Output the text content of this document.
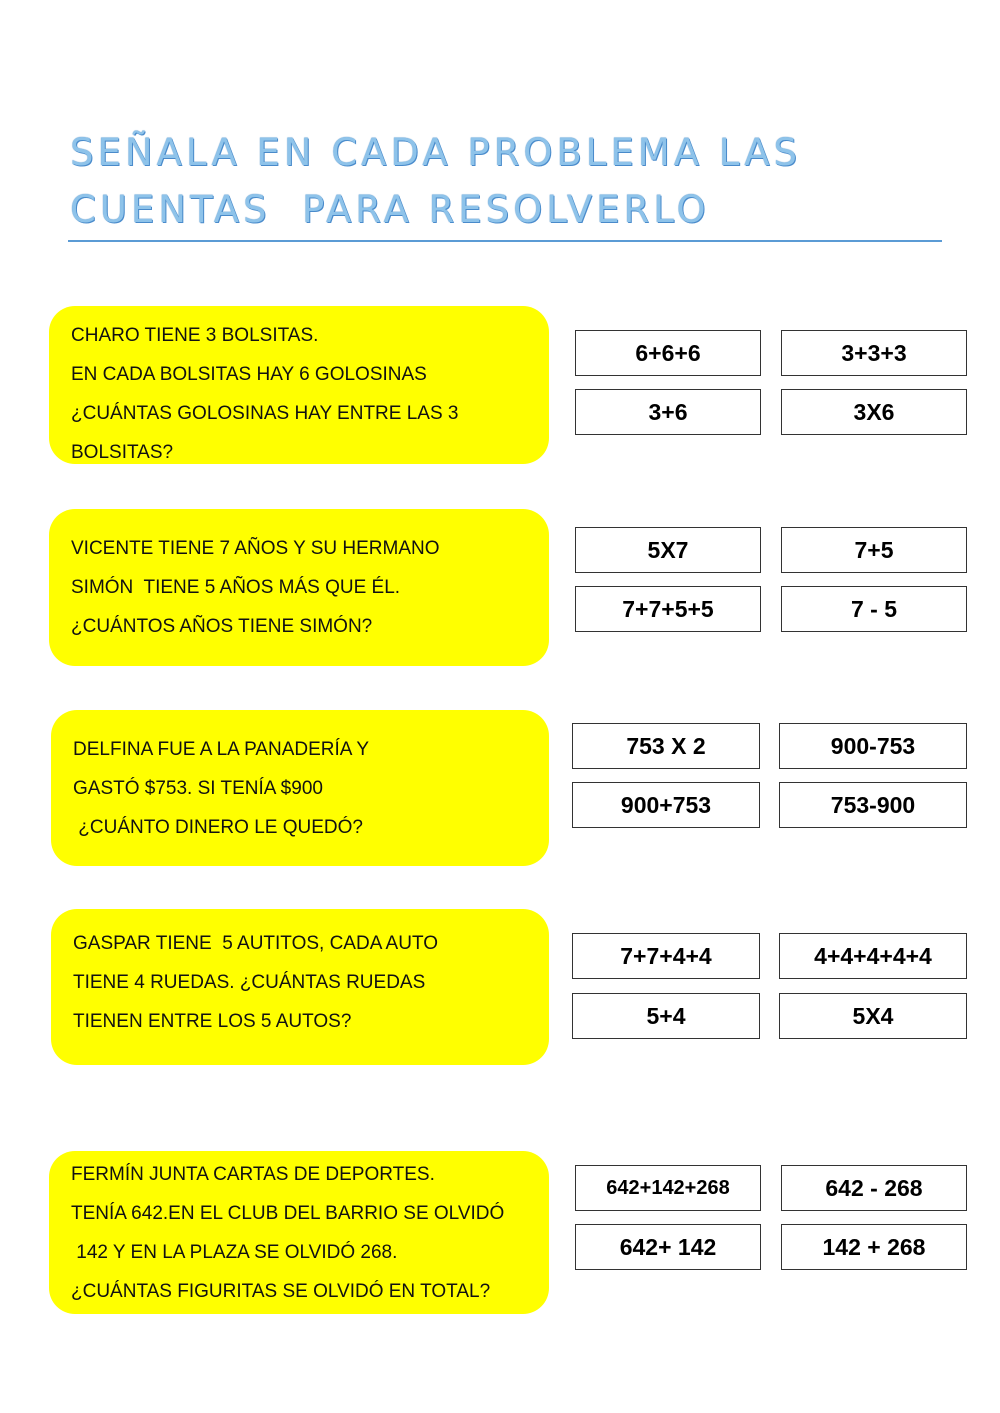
SEÑALA EN CADA PROBLEMA LAS
CUENTAS  PARA RESOLVERLO
CHARO TIENE 3 BOLSITAS.
EN CADA BOLSITAS HAY 6 GOLOSINAS
¿CUÁNTAS GOLOSINAS HAY ENTRE LAS 3
BOLSITAS?
6+6+6	3+3+3
3+6	3X6
VICENTE TIENE 7 AÑOS Y SU HERMANO
SIMÓN  TIENE 5 AÑOS MÁS QUE ÉL.
¿CUÁNTOS AÑOS TIENE SIMÓN?
5X7	7+5
7+7+5+5	7 - 5
DELFINA FUE A LA PANADERÍA Y
GASTÓ $753. SI TENÍA $900
¿CUÁNTO DINERO LE QUEDÓ?
753 X 2	900-753
900+753	753-900
GASPAR TIENE  5 AUTITOS, CADA AUTO
TIENE 4 RUEDAS. ¿CUÁNTAS RUEDAS
TIENEN ENTRE LOS 5 AUTOS?
7+7+4+4	4+4+4+4+4
5+4	5X4
FERMÍN JUNTA CARTAS DE DEPORTES.
TENÍA 642.EN EL CLUB DEL BARRIO SE OLVIDÓ
142 Y EN LA PLAZA SE OLVIDÓ 268.
¿CUÁNTAS FIGURITAS SE OLVIDÓ EN TOTAL?
642+142+268	642 - 268
642+ 142	142 + 268
